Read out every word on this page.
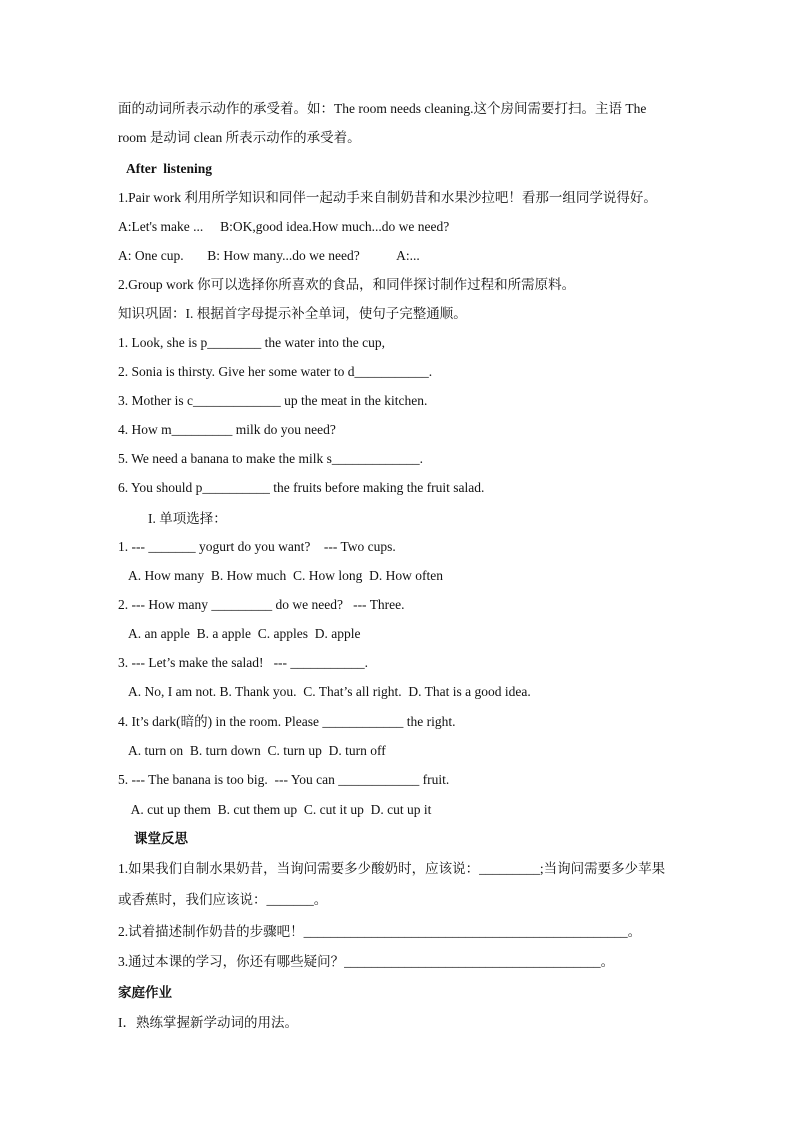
面的动词所表示动作的承受着。如：The room needs cleaning.这个房间需要打扫。主语 The
room 是动词 clean 所表示动作的承受着。
After  listening
1.Pair work 利用所学知识和同伴一起动手来自制奶昔和水果沙拉吧！看那一组同学说得好。
A:Let's make ...     B:OK,good idea.How much...do we need?
A: One cup.       B: How many...do we need?           A:...
2.Group work 你可以选择你所喜欢的食品，和同伴探讨制作过程和所需原料。
知识巩固：I. 根据首字母提示补全单词，使句子完整通顺。
1. Look, she is p________ the water into the cup,
2. Sonia is thirsty. Give her some water to d___________.
3. Mother is c_____________ up the meat in the kitchen.
4. How m_________ milk do you need?
5. We need a banana to make the milk s_____________.
6. You should p__________ the fruits before making the fruit salad.
I. 单项选择：
1. --- _______ yogurt do you want?    --- Two cups.
A. How many  B. How much  C. How long  D. How often
2. --- How many _________ do we need?   --- Three.
A. an apple  B. a apple  C. apples  D. apple
3. --- Let’s make the salad!   --- ___________.
A. No, I am not. B. Thank you.  C. That’s all right.  D. That is a good idea.
4. It’s dark(暗的) in the room. Please ____________ the right.
A. turn on  B. turn down  C. turn up  D. turn off
5. --- The banana is too big.  --- You can ____________ fruit.
A. cut up them  B. cut them up  C. cut it up  D. cut up it
课堂反思
1.如果我们自制水果奶昔，当询问需要多少酸奶时，应该说：_________;当询问需要多少苹果
或香蕉时，我们应该说：_______。
2.试着描述制作奶昔的步骤吧！________________________________________________。
3.通过本课的学习，你还有哪些疑问？______________________________________。
家庭作业
I．熟练掌握新学动词的用法。
